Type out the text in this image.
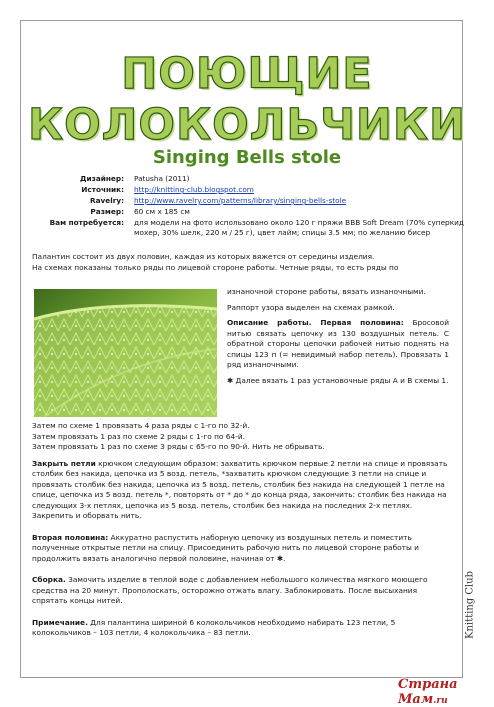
ПОЮЩИЕ
КОЛОКОЛЬЧИКИ
Singing Bells stole
Дизайнер:	Patusha (2011)
Источник:	http://knitting-club.blogspot.com
Ravelry:	http://www.ravelry.com/patterns/library/singing-bells-stole
Размер:	60 см х 185 см
Вам потребуется:	для модели на фото использовано около 120 г пряжи BBB Soft Dream (70% суперкид мохер, 30% шелк, 220 м / 25 г), цвет лайм; спицы 3.5 мм; по желанию бисер

Палантин состоит из двух половин, каждая из которых вяжется от середины изделия.

На схемах показаны только ряды по лицевой стороне работы. Четные ряды, то есть ряды по

изнаночной стороне работы, вязать изнаночными.

Раппорт узора выделен на схемах рамкой.

Описание работы. Первая половина: Бросовой нитью связать цепочку из 130 воздушных петель. С обратной стороны цепочки рабочей нитью поднять на спицы 123 п (= невидимый набор петель). Провязать 1 ряд изнаночными.

✱ Далее вязать 1 раз установочные ряды А и В схемы 1.

Затем по схеме 1 провязать 4 раза ряды с 1-го по 32-й.

Затем провязать 1 раз по схеме 2 ряды с 1-го по 64-й.

Затем провязать 1 раз по схеме 3 ряды с 65-го по 90-й. Нить не обрывать.

Закрыть петли крючком следующим образом: захватить крючком первые 2 петли на спице и провязать столбик без накида, цепочка из 5 возд. петель, *захватить крючком следующие 3 петли на спице и провязать столбик без накида, цепочка из 5 возд. петель, столбик без накида на следующей 1 петле на спице, цепочка из 5 возд. петель *, повторять от * до * до конца ряда, закончить: столбик без накида на следующих 3-х петлях, цепочка из 5 возд. петель, столбик без накида на последних 2-х петлях. Закрепить и оборвать нить.

Вторая половина: Аккуратно распустить наборную цепочку из воздушных петель и поместить полученные открытые петли на спицу. Присоединить рабочую нить по лицевой стороне работы и продолжить вязать аналогично первой половине, начиная от ✱.

Сборка. Замочить изделие в теплой воде с добавлением небольшого количества мягкого моющего средства на 20 минут. Прополоскать, осторожно отжать влагу. Заблокировать. После высыхания спрятать концы нитей.

Примечание. Для палантина шириной 6 колокольчиков необходимо набирать 123 петли, 5 колокольчиков – 103 петли, 4 колокольчика – 83 петли.	Knitting Club
Страна Мам.ru
